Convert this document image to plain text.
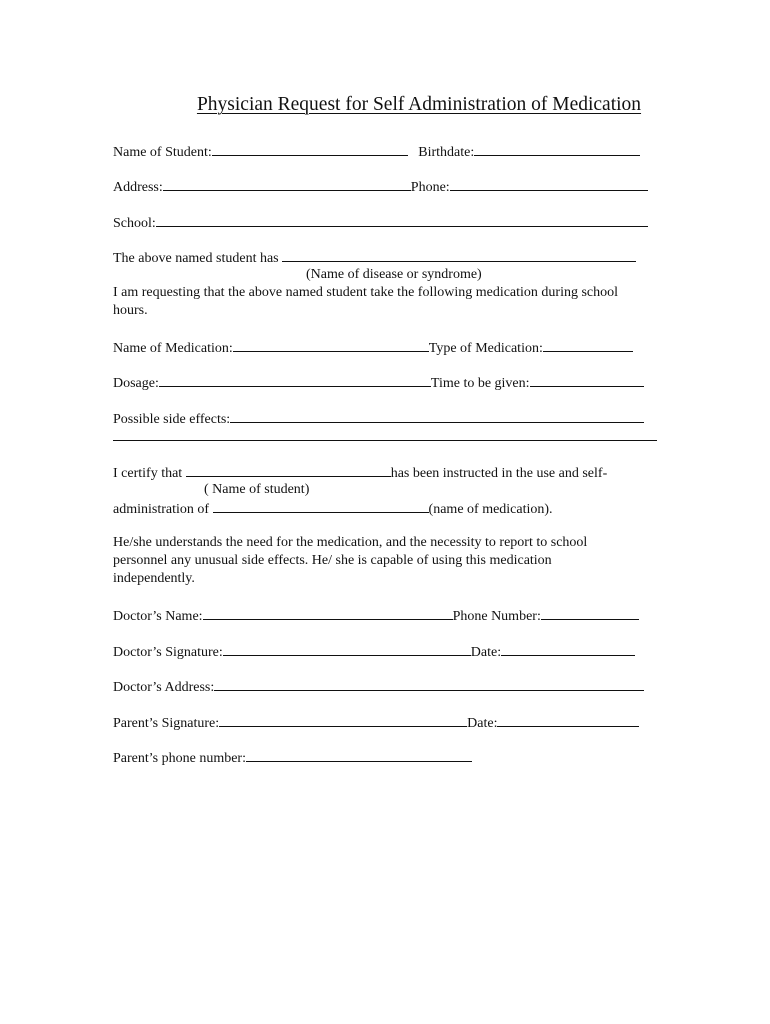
Physician Request for Self Administration of Medication
Name of Student:	Birthdate:
Address:	Phone:
School:
The above named student has
(Name of disease or syndrome)
I am requesting that the above named student take the following medication during school hours.
Name of Medication:	Type of Medication:
Dosage:	Time to be given:
Possible side effects:
I certify that	has been instructed in the use and self-
( Name of student)
administration of	(name of medication).
He/she understands the need for the medication, and the necessity to report to school personnel any unusual side effects. He/ she is capable of using this medication independently.
Doctor’s Name:	Phone Number:
Doctor’s Signature:	Date:
Doctor’s Address:
Parent’s Signature:	Date:
Parent’s phone number:
